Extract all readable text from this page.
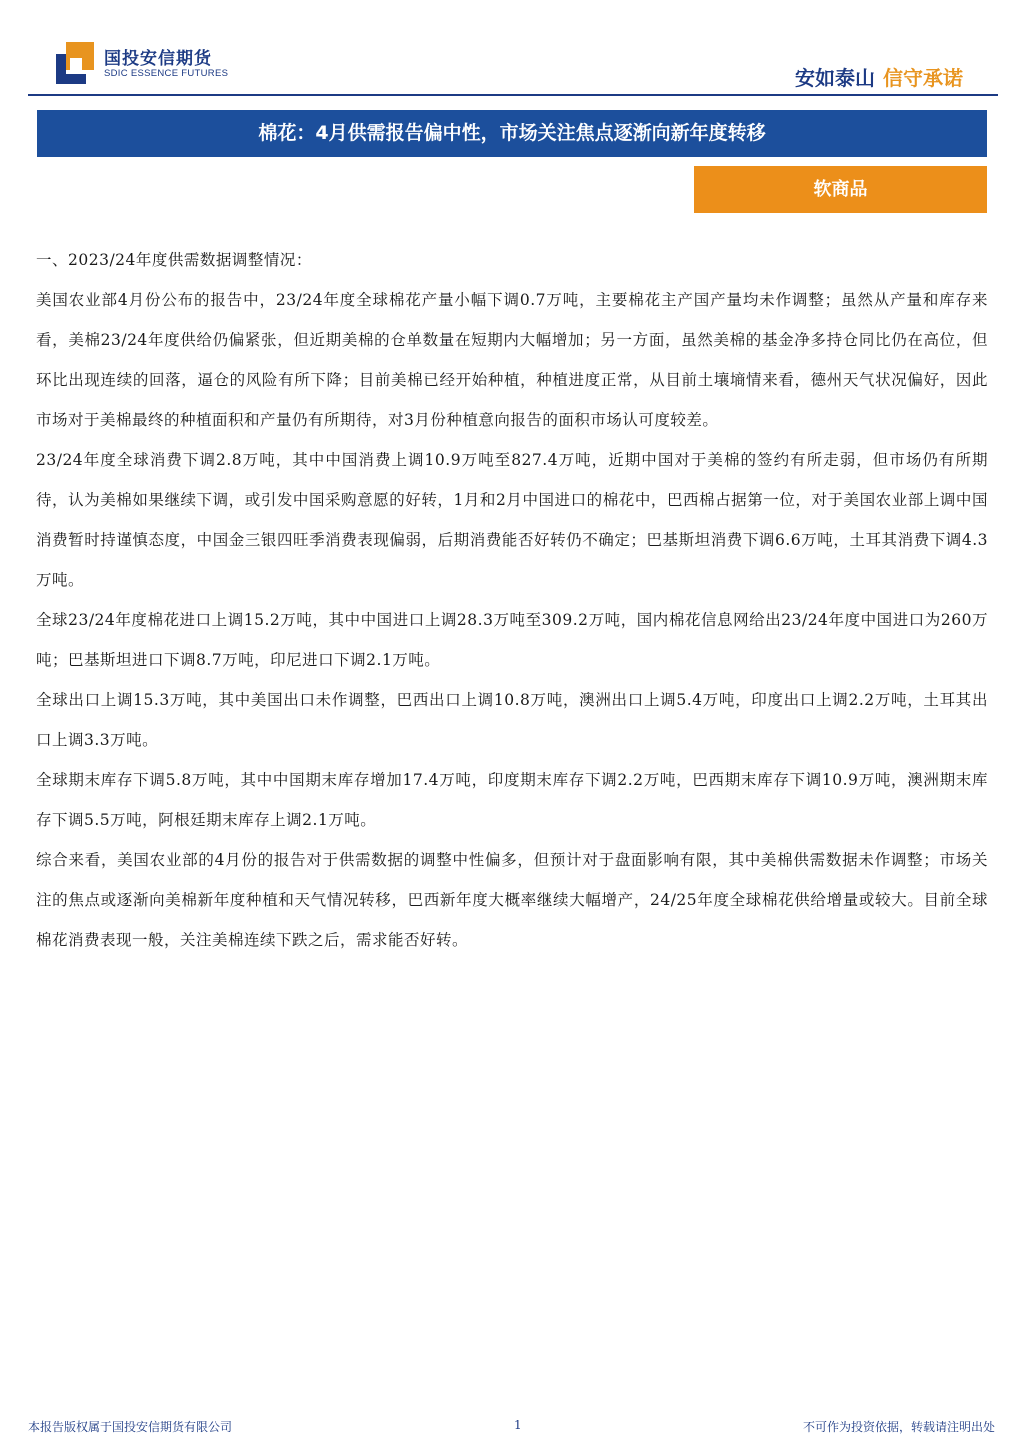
国投安信期货
SDIC ESSENCE FUTURES	安如泰山 信守承诺
棉花：4月供需报告偏中性，市场关注焦点逐渐向新年度转移
软商品

一、2023/24年度供需数据调整情况：

美国农业部4月份公布的报告中，23/24年度全球棉花产量小幅下调0.7万吨，主要棉花主产国产量均未作调整；虽然从产量和库存来看，美棉23/24年度供给仍偏紧张，但近期美棉的仓单数量在短期内大幅增加；另一方面，虽然美棉的基金净多持仓同比仍在高位，但环比出现连续的回落，逼仓的风险有所下降；目前美棉已经开始种植，种植进度正常，从目前土壤墒情来看，德州天气状况偏好，因此市场对于美棉最终的种植面积和产量仍有所期待，对3月份种植意向报告的面积市场认可度较差。

23/24年度全球消费下调2.8万吨，其中中国消费上调10.9万吨至827.4万吨，近期中国对于美棉的签约有所走弱，但市场仍有所期待，认为美棉如果继续下调，或引发中国采购意愿的好转，1月和2月中国进口的棉花中，巴西棉占据第一位，对于美国农业部上调中国消费暂时持谨慎态度，中国金三银四旺季消费表现偏弱，后期消费能否好转仍不确定；巴基斯坦消费下调6.6万吨，土耳其消费下调4.3万吨。

全球23/24年度棉花进口上调15.2万吨，其中中国进口上调28.3万吨至309.2万吨，国内棉花信息网给出23/24年度中国进口为260万吨；巴基斯坦进口下调8.7万吨，印尼进口下调2.1万吨。

全球出口上调15.3万吨，其中美国出口未作调整，巴西出口上调10.8万吨，澳洲出口上调5.4万吨，印度出口上调2.2万吨，土耳其出口上调3.3万吨。

全球期末库存下调5.8万吨，其中中国期末库存增加17.4万吨，印度期末库存下调2.2万吨，巴西期末库存下调10.9万吨，澳洲期末库存下调5.5万吨，阿根廷期末库存上调2.1万吨。

综合来看，美国农业部的4月份的报告对于供需数据的调整中性偏多，但预计对于盘面影响有限，其中美棉供需数据未作调整；市场关注的焦点或逐渐向美棉新年度种植和天气情况转移，巴西新年度大概率继续大幅增产，24/25年度全球棉花供给增量或较大。目前全球棉花消费表现一般，关注美棉连续下跌之后，需求能否好转。

本报告版权属于国投安信期货有限公司	1	不可作为投资依据，转载请注明出处
